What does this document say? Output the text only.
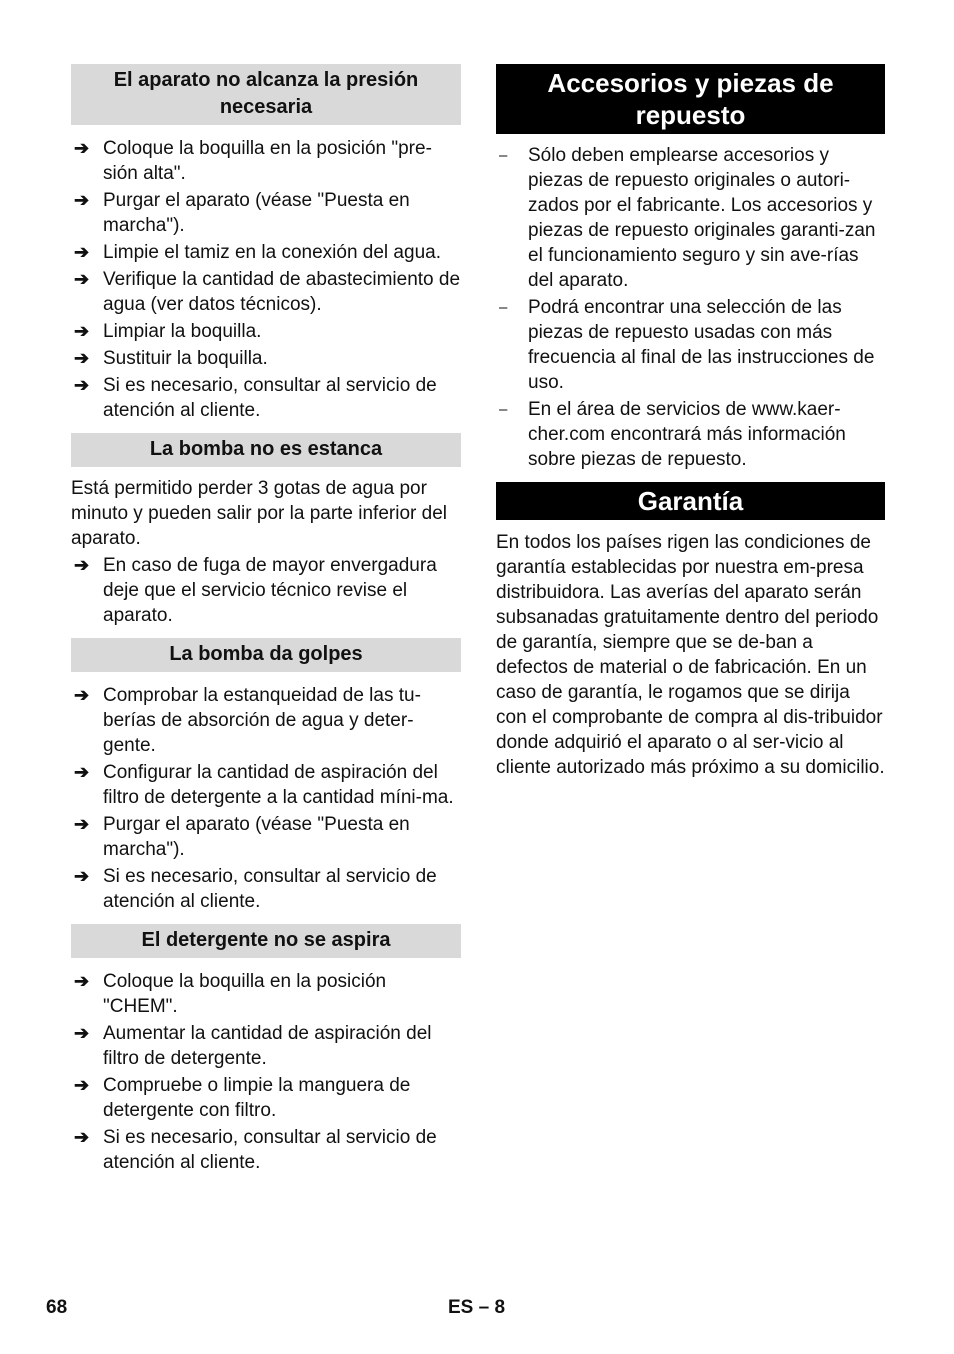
El aparato no alcanza la presión necesaria
➔ Coloque la boquilla en la posición "pre-sión alta".
➔ Purgar el aparato (véase "Puesta en marcha").
➔ Limpie el tamiz en la conexión del agua.
➔ Verifique la cantidad de abastecimiento de agua (ver datos técnicos).
➔ Limpiar la boquilla.
➔ Sustituir la boquilla.
➔ Si es necesario, consultar al servicio de atención al cliente.
La bomba no es estanca

Está permitido perder 3 gotas de agua por minuto y pueden salir por la parte inferior del aparato.

➔ En caso de fuga de mayor envergadura deje que el servicio técnico revise el aparato.
La bomba da golpes
➔ Comprobar la estanqueidad de las tu-berías de absorción de agua y deter-gente.
➔ Configurar la cantidad de aspiración del filtro de detergente a la cantidad míni-ma.
➔ Purgar el aparato (véase "Puesta en marcha").
➔ Si es necesario, consultar al servicio de atención al cliente.
El detergente no se aspira
➔ Coloque la boquilla en la posición "CHEM".
➔ Aumentar la cantidad de aspiración del filtro de detergente.
➔ Compruebe o limpie la manguera de detergente con filtro.
➔ Si es necesario, consultar al servicio de atención al cliente.
Accesorios y piezas de repuesto
– Sólo deben emplearse accesorios y piezas de repuesto originales o autori-zados por el fabricante. Los accesorios y piezas de repuesto originales garanti-zan el funcionamiento seguro y sin ave-rías del aparato.
– Podrá encontrar una selección de las piezas de repuesto usadas con más frecuencia al final de las instrucciones de uso.
– En el área de servicios de www.kaer-cher.com encontrará más información sobre piezas de repuesto.
Garantía

En todos los países rigen las condiciones de garantía establecidas por nuestra em-presa distribuidora. Las averías del aparato serán subsanadas gratuitamente dentro del periodo de garantía, siempre que se de-ban a defectos de material o de fabricación. En un caso de garantía, le rogamos que se dirija con el comprobante de compra al dis-tribuidor donde adquirió el aparato o al ser-vicio al cliente autorizado más próximo a su domicilio.

68	ES – 8
